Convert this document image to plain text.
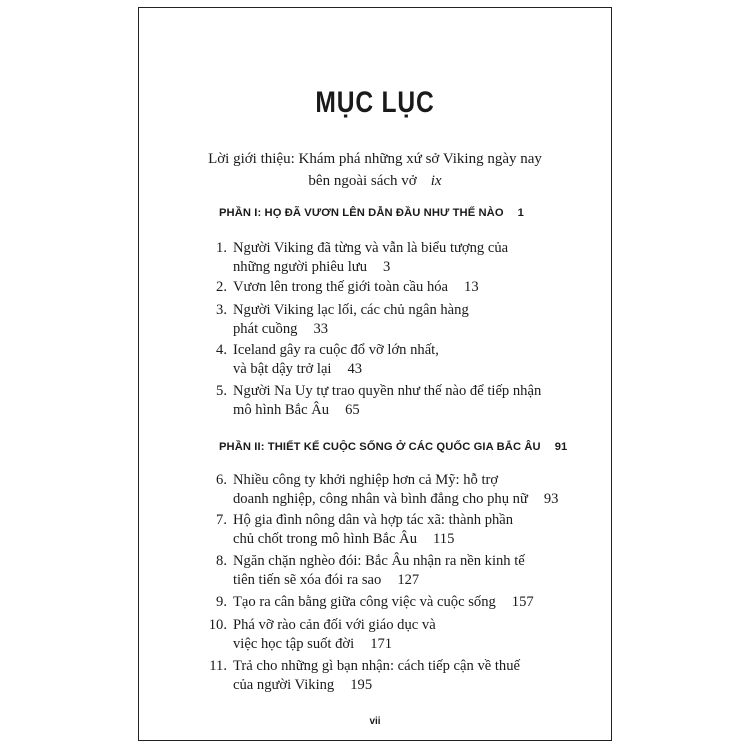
MỤC LỤC
Lời giới thiệu: Khám phá những xứ sở Viking ngày nay
bên ngoài sách vở ix
PHẦN I: HỌ ĐÃ VƯƠN LÊN DẪN ĐẦU NHƯ THẾ NÀO 1
1. Người Viking đã từng và vẫn là biểu tượng của
những người phiêu lưu 3
2. Vươn lên trong thế giới toàn cầu hóa 13
3. Người Viking lạc lối, các chủ ngân hàng
phát cuồng 33
4. Iceland gây ra cuộc đổ vỡ lớn nhất,
và bật dậy trở lại 43
5. Người Na Uy tự trao quyền như thế nào để tiếp nhận
mô hình Bắc Âu 65
PHẦN II: THIẾT KẾ CUỘC SỐNG Ở CÁC QUỐC GIA BẮC ÂU 91
6. Nhiều công ty khởi nghiệp hơn cả Mỹ: hỗ trợ
doanh nghiệp, công nhân và bình đẳng cho phụ nữ 93
7. Hộ gia đình nông dân và hợp tác xã: thành phần
chủ chốt trong mô hình Bắc Âu 115
8. Ngăn chặn nghèo đói: Bắc Âu nhận ra nền kinh tế
tiên tiến sẽ xóa đói ra sao 127
9. Tạo ra cân bằng giữa công việc và cuộc sống 157
10. Phá vỡ rào cản đối với giáo dục và
việc học tập suốt đời 171
11. Trả cho những gì bạn nhận: cách tiếp cận về thuế
của người Viking 195
vii
